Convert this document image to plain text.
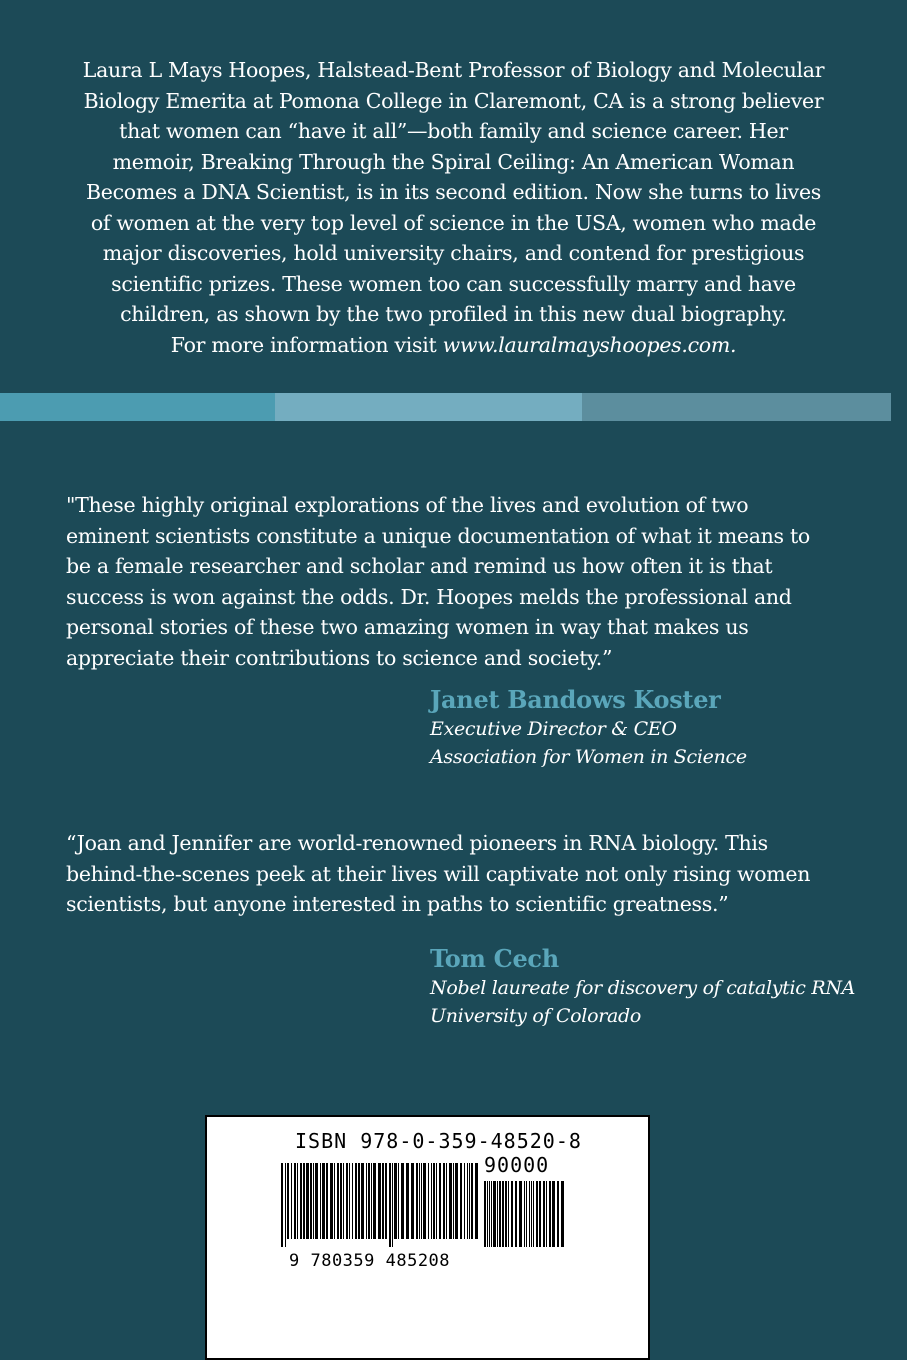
Laura L Mays Hoopes, Halstead-Bent Professor of Biology and Molecular

Biology Emerita at Pomona College in Claremont, CA is a strong believer

that women can “have it all”—both family and science career. Her

memoir, Breaking Through the Spiral Ceiling: An American Woman

Becomes a DNA Scientist, is in its second edition. Now she turns to lives

of women at the very top level of science in the USA, women who made

major discoveries, hold university chairs, and contend for prestigious

scientific prizes. These women too can successfully marry and have

children, as shown by the two profiled in this new dual biography.

For more information visit www.lauralmayshoopes.com.

"These highly original explorations of the lives and evolution of two

eminent scientists constitute a unique documentation of what it means to

be a female researcher and scholar and remind us how often it is that

success is won against the odds. Dr. Hoopes melds the professional and

personal stories of these two amazing women in way that makes us

appreciate their contributions to science and society.”

Janet Bandows Koster
Executive Director & CEO
Association for Women in Science

“Joan and Jennifer are world-renowned pioneers in RNA biology. This

behind-the-scenes peek at their lives will captivate not only rising women

scientists, but anyone interested in paths to scientific greatness.”

Tom Cech
Nobel laureate for discovery of catalytic RNA
University of Colorado
ISBN 978-0-359-48520-8
90000
9 780359 485208
